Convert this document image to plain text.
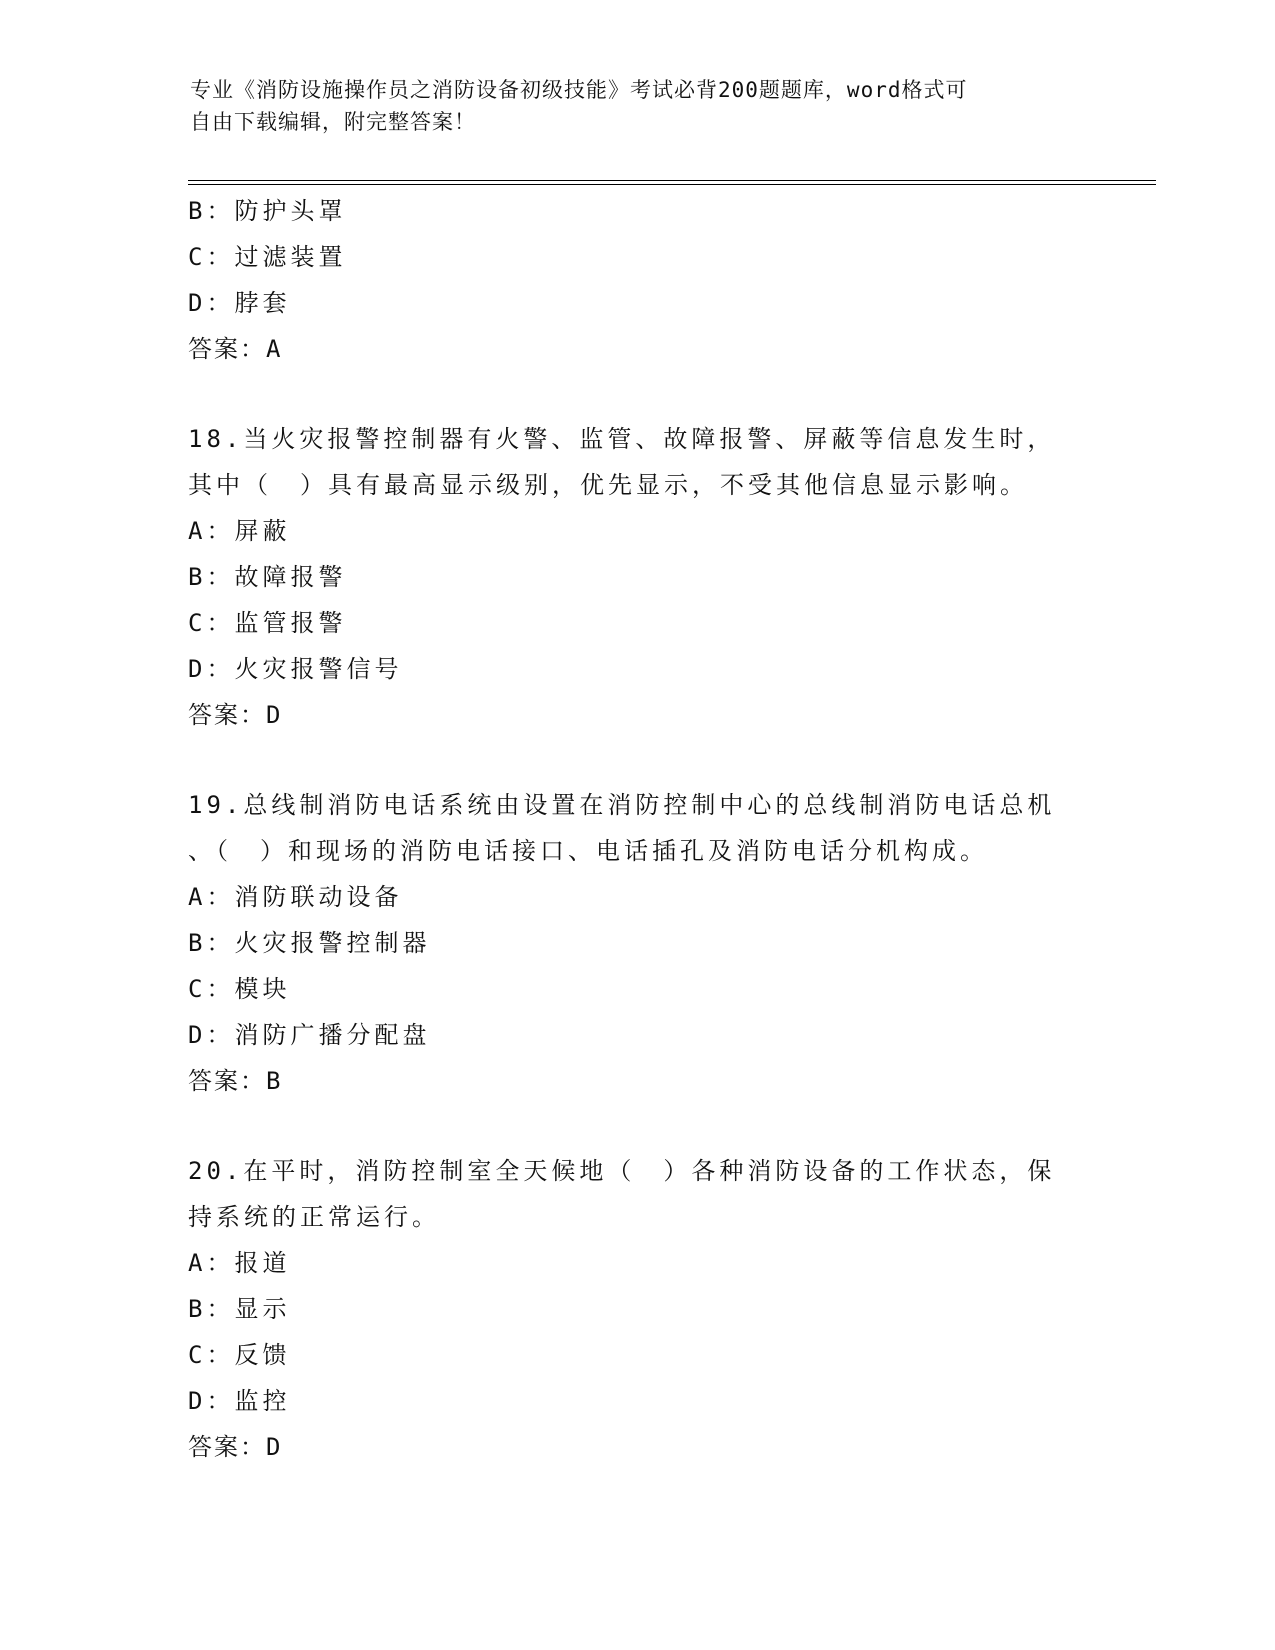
专业《消防设施操作员之消防设备初级技能》考试必背200题题库，word格式可
自由下载编辑，附完整答案！
B：防护头罩
C：过滤装置
D：脖套
答案：A
18.当火灾报警控制器有火警、监管、故障报警、屏蔽等信息发生时，
其中（　）具有最高显示级别，优先显示，不受其他信息显示影响。
A：屏蔽
B：故障报警
C：监管报警
D：火灾报警信号
答案：D
19.总线制消防电话系统由设置在消防控制中心的总线制消防电话总机
、（　）和现场的消防电话接口、电话插孔及消防电话分机构成。
A：消防联动设备
B：火灾报警控制器
C：模块
D：消防广播分配盘
答案：B
20.在平时，消防控制室全天候地（　）各种消防设备的工作状态，保
持系统的正常运行。
A：报道
B：显示
C：反馈
D：监控
答案：D
